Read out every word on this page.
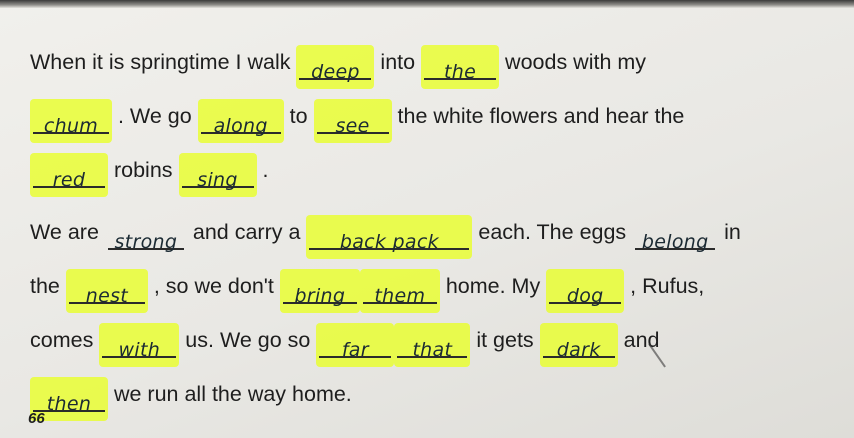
When it is springtime I walk
deep into
the woods with my
chum . We go
along to
see the white flowers and hear the
red robins
sing .
We are
strong and carry a
back pack each. The eggs
belong in
the
nest , so we don't
bring them home. My
dog , Rufus,
comes
with us. We go so
far that it gets
dark and
then we run all the way home.
66
